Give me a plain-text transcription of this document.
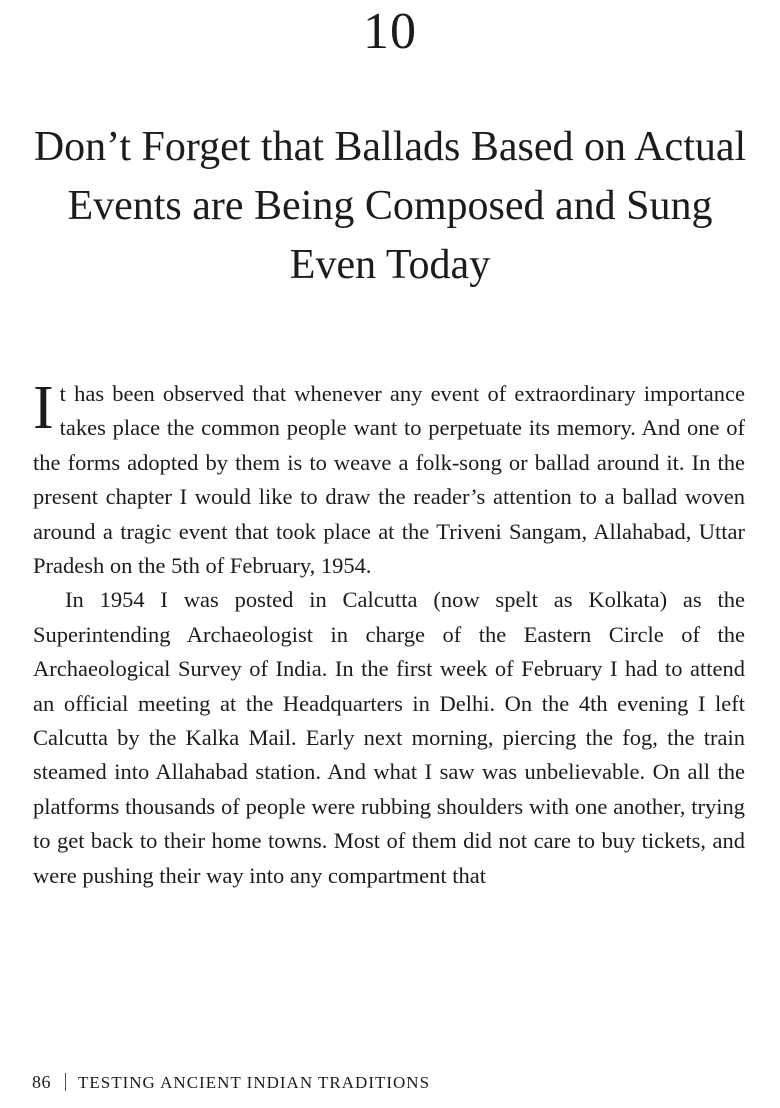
10
Don’t Forget that Ballads Based on Actual Events are Being Composed and Sung Even Today

It has been observed that whenever any event of extraordinary importance takes place the common people want to perpetuate its memory. And one of the forms adopted by them is to weave a folk-song or ballad around it. In the present chapter I would like to draw the reader’s attention to a ballad woven around a tragic event that took place at the Triveni Sangam, Allahabad, Uttar Pradesh on the 5th of February, 1954.

In 1954 I was posted in Calcutta (now spelt as Kolkata) as the Superintending Archaeologist in charge of the Eastern Circle of the Archaeological Survey of India. In the first week of February I had to attend an official meeting at the Headquarters in Delhi. On the 4th evening I left Calcutta by the Kalka Mail. Early next morning, piercing the fog, the train steamed into Allahabad station. And what I saw was unbelievable. On all the platforms thousands of people were rubbing shoulders with one another, trying to get back to their home towns. Most of them did not care to buy tickets, and were pushing their way into any compartment that

86 TESTING ANCIENT INDIAN TRADITIONS
